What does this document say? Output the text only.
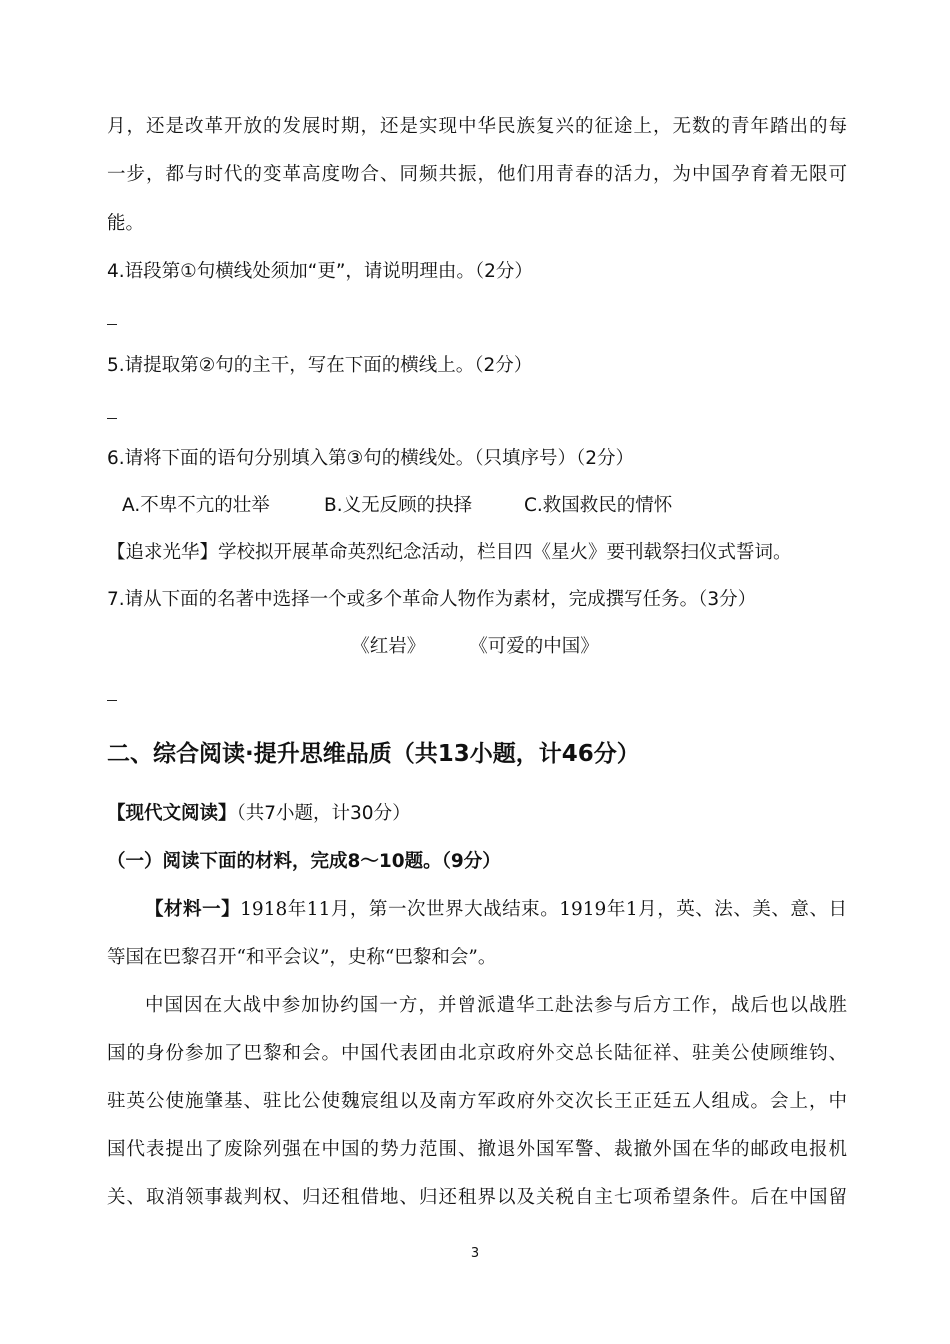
月，还是改革开放的发展时期，还是实现中华民族复兴的征途上，无数的青年踏出的每
一步，都与时代的变革高度吻合、同频共振，他们用青春的活力，为中国孕育着无限可
能。
4.语段第①句横线处须加“更”，请说明理由。（2分）
5.请提取第②句的主干，写在下面的横线上。（2分）
6.请将下面的语句分别填入第③句的横线处。（只填序号）（2分）
A.不卑不亢的壮举	B.义无反顾的抉择	C.救国救民的情怀
【追求光华】学校拟开展革命英烈纪念活动，栏目四《星火》要刊载祭扫仪式誓词。
7.请从下面的名著中选择一个或多个革命人物作为素材，完成撰写任务。（3分）
《红岩》 《可爱的中国》
二、综合阅读·提升思维品质（共13小题，计46分）
【现代文阅读】（共7小题，计30分）
（一）阅读下面的材料，完成8～10题。（9分）
【材料一】1918年11月，第一次世界大战结束。1919年1月，英、法、美、意、日
等国在巴黎召开“和平会议”，史称“巴黎和会”。
中国因在大战中参加协约国一方，并曾派遣华工赴法参与后方工作，战后也以战胜
国的身份参加了巴黎和会。中国代表团由北京政府外交总长陆征祥、驻美公使顾维钧、
驻英公使施肇基、驻比公使魏宸组以及南方军政府外交次长王正廷五人组成。会上，中
国代表提出了废除列强在中国的势力范围、撤退外国军警、裁撤外国在华的邮政电报机
关、取消领事裁判权、归还租借地、归还租界以及关税自主七项希望条件。后在中国留
3
